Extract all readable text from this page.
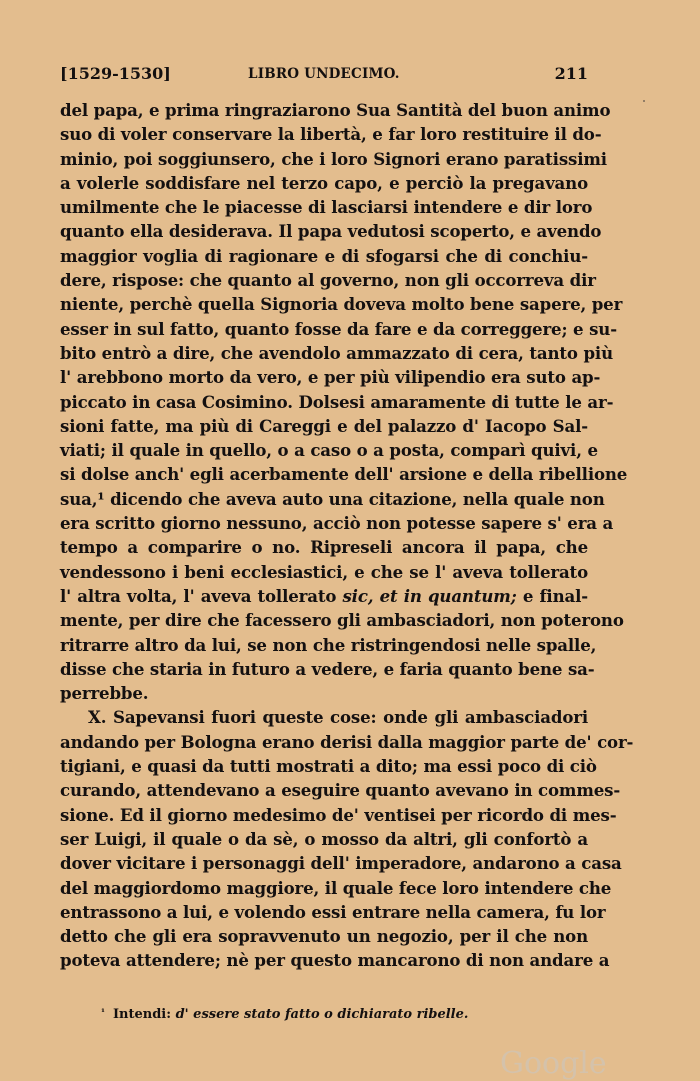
[1529-1530]	LIBRO UNDECIMO.	211
del papa, e prima ringraziarono Sua Santità del buon animo
suo di voler conservare la libertà, e far loro restituire il do-
minio, poi soggiunsero, che i loro Signori erano paratissimi
a volerle soddisfare nel terzo capo, e perciò la pregavano
umilmente che le piacesse di lasciarsi intendere e dir loro
quanto ella desiderava. Il papa vedutosi scoperto, e avendo
maggior voglia di ragionare e di sfogarsi che di conchiu-
dere, rispose: che quanto al governo, non gli occorreva dir
niente, perchè quella Signoria doveva molto bene sapere, per
esser in sul fatto, quanto fosse da fare e da correggere; e su-
bito entrò a dire, che avendolo ammazzato di cera, tanto più
l' arebbono morto da vero, e per più vilipendio era suto ap-
piccato in casa Cosimino. Dolsesi amaramente di tutte le ar-
sioni fatte, ma più di Careggi e del palazzo d' Iacopo Sal-
viati; il quale in quello, o a caso o a posta, comparì quivi, e
si dolse anch' egli acerbamente dell' arsione e della ribellione
sua,¹ dicendo che aveva auto una citazione, nella quale non
era scritto giorno nessuno, acciò non potesse sapere s' era a
tempo a comparire o no. Ripreseli ancora il papa, che
vendessono i beni ecclesiastici, e che se l' aveva tollerato
l' altra volta, l' aveva tollerato sic, et in quantum; e final-
mente, per dire che facessero gli ambasciadori, non poterono
ritrarre altro da lui, se non che ristringendosi nelle spalle,
disse che staria in futuro a vedere, e faria quanto bene sa-
perrebbe.
X. Sapevansi fuori queste cose: onde gli ambasciadori
andando per Bologna erano derisi dalla maggior parte de' cor-
tigiani, e quasi da tutti mostrati a dito; ma essi poco di ciò
curando, attendevano a eseguire quanto avevano in commes-
sione. Ed il giorno medesimo de' ventisei per ricordo di mes-
ser Luigi, il quale o da sè, o mosso da altri, gli confortò a
dover vicitare i personaggi dell' imperadore, andarono a casa
del maggiordomo maggiore, il quale fece loro intendere che
entrassono a lui, e volendo essi entrare nella camera, fu lor
detto che gli era sopravvenuto un negozio, per il che non
poteva attendere; nè per questo mancarono di non andare a
$^{^1}$ Intendi: d' essere stato fatto o dichiarato ribelle.
Google
